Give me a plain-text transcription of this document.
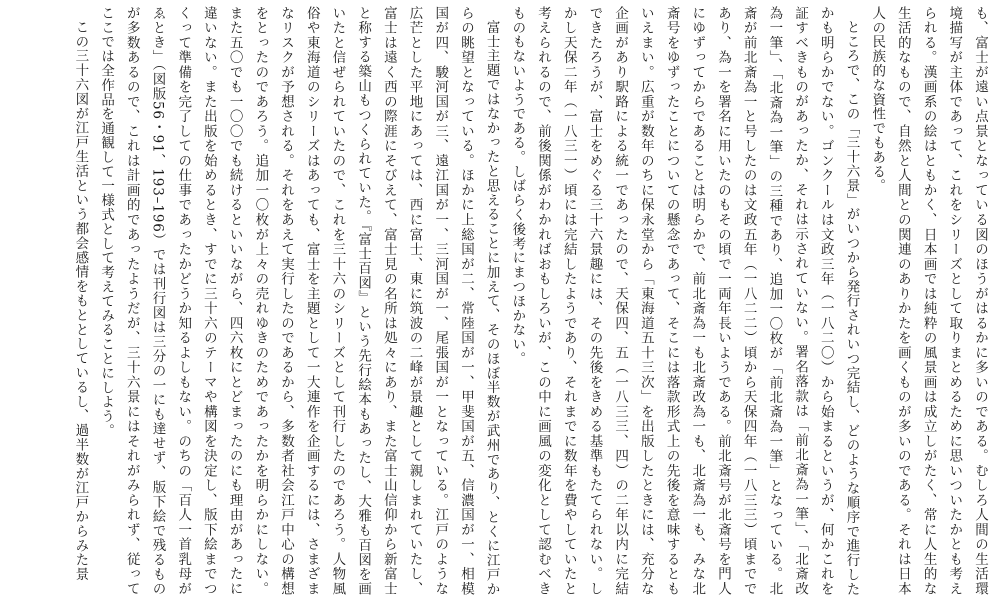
も、富士が遠い点景となっている図のほうがはるかに多いのである。むしろ人間の生活環境描写が主体であって、これをシリーズとして取りまとめるために思いついたかとも考えられる。漢画系の絵はともかく、日本画では純粋の風景画は成立しがたく、常に人生的な生活的なもので、自然と人間との関連のありかたを画くものが多いのである。それは日本人の民族的な資性でもある。

ところで、この「三十六景」がいつから発行されいつ完結し、どのような順序で進行したかも明らかでない。ゴンクールは文政三年（一八二〇）から始まるというが、何かこれを証すべきものがあったか、それは示されていない。署名落款は「前北斎為一筆」、「北斎改為一筆」、「北斎為一筆」の三種であり、追加一〇枚が「前北斎為一筆」となっている。北斎が前北斎為一と号したのは文政五年（一八二二）頃から天保四年（一八三三）頃までであり、為一を署名に用いたのもその頃で一両年長いようである。前北斎号が北斎号を門人にゆずってからであることは明らかで、前北斎為一も北斎改為一も、北斎為一も、みな北斎号をゆずったことについての懸念であって、そこには落款形式上の先後を意味するともいえまい。広重が数年のちに保永堂から「東海道五十三次」を出版したときには、充分な企画があり駅路による統一であったので、天保四、五（一八三三、四）の二年以内に完結できたろうが、富士をめぐる三十六景趣には、その先後をきめる基準もたてられない。しかし天保二年（一八三一）頃には完結したようであり、それまでに数年を費やしていたと考えられるので、前後関係がわかればおもしろいが、この中に画風の変化として認むべきものもないようである。しばらく後考にまつほかない。

富士主題ではなかったと思えることに加えて、そのほぼ半数が武州であり、とくに江戸からの眺望となっている。ほかに上総国が二、常陸国が一、甲斐国が五、信濃国が一、相模国が四、駿河国が三、遠江国が一、三河国が一、尾張国が一となっている。江戸のような広芒とした平地にあっては、西に富士、東に筑波の二峰が景趣として親しまれていたし、富士は遠く西の際涯にそびえて、富士見の名所は処々にあり、また富士山信仰から新富士と称する築山もつくられていた。『富士百図』という先行絵本もあったし、大雅も百図を画いたと信ぜられていたので、これを三十六のシリーズとして刊行したのであろう。人物風俗や東海道のシリーズはあっても、富士を主題として一大連作を企画するには、さまざまなリスクが予想される。それをあえて実行したのであるから、多数者社会江戸中心の構想をとったのであろう。追加一〇枚が上々の売れゆきのためであったかを明らかにしない。また五〇でも一〇〇でも続けるといいながら、四六枚にとどまったのにも理由があったに違いない。また出版を始めるとき、すでに三十六のテーマや構図を決定し、版下絵までつくって準備を完了しての仕事であったかどうか知るよしもない。のちの「百人一首乳母がゑとき」（図版56・91、193–196）では刊行図は三分の一にも達せず、版下絵で残るものが多数あるので、これは計画的であったようだが、三十六景にはそれがみられず、従ってここでは全作品を通観して一様式として考えてみることにしよう。

この三十六図が江戸生活という都会感情をもととしているし、過半数が江戸からみた景
